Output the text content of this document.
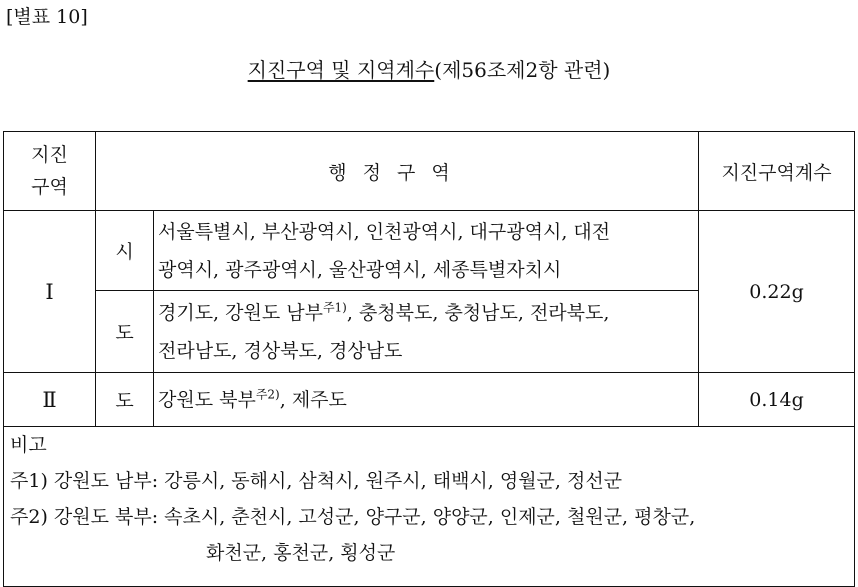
[별표 10]
지진구역 및 지역계수(제56조제2항 관련)
지진
구역	행정구역		지진구역계수
Ⅰ	시	서울특별시, 부산광역시, 인천광역시, 대구광역시, 대전
광역시, 광주광역시, 울산광역시, 세종특별자치시	0.22g
	도	경기도, 강원도 남부$^{주1)}$, 충청북도, 충청남도, 전라북도,
전라남도, 경상북도, 경상남도	

Ⅱ	도	강원도 북부$^{주2)}$, 제주도	0.14g

비고
주1) 강원도 남부: 강릉시, 동해시, 삼척시, 원주시, 태백시, 영월군, 정선군
주2) 강원도 북부: 속초시, 춘천시, 고성군, 양구군, 양양군, 인제군, 철원군, 평창군,
화천군, 홍천군, 횡성군			
